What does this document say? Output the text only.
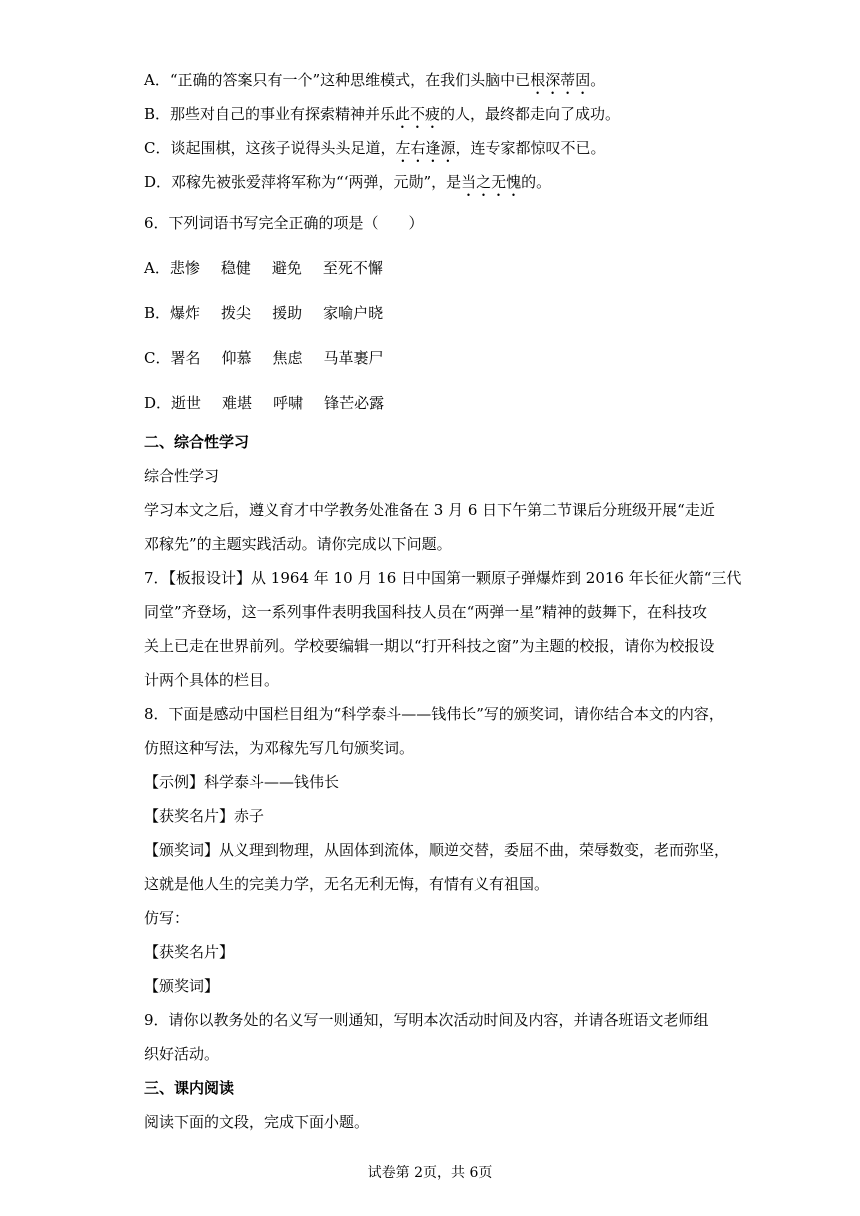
A．“正确的答案只有一个”这种思维模式，在我们头脑中已根深蒂固。
B．那些对自己的事业有探索精神并乐此不疲的人，最终都走向了成功。
C．谈起围棋，这孩子说得头头足道，左右逢源，连专家都惊叹不已。
D．邓稼先被张爱萍将军称为“‘两弹，元勋”，是当之无愧的。
6．下列词语书写完全正确的项是（　　）
A．悲惨 稳健 避免 至死不懈
B．爆炸 拨尖 援助 家喻户晓
C．署名 仰慕 焦虑 马革裹尸
D．逝世 难堪 呼啸 锋芒必露
二、综合性学习
综合性学习
学习本文之后，遵义育才中学教务处准备在 3 月 6 日下午第二节课后分班级开展“走近
邓稼先”的主题实践活动。请你完成以下问题。
7．【板报设计】从 1964 年 10 月 16 日中国第一颗原子弹爆炸到 2016 年长征火箭“三代
同堂”齐登场，这一系列事件表明我国科技人员在“两弹一星”精神的鼓舞下，在科技攻
关上已走在世界前列。学校要编辑一期以“打开科技之窗”为主题的校报，请你为校报设
计两个具体的栏目。
8．下面是感动中国栏目组为“科学泰斗——钱伟长”写的颁奖词，请你结合本文的内容，
仿照这种写法，为邓稼先写几句颁奖词。
【示例】科学泰斗——钱伟长
【获奖名片】赤子
【颁奖词】从义理到物理，从固体到流体，顺逆交替，委屈不曲，荣辱数变，老而弥坚，
这就是他人生的完美力学，无名无利无悔，有情有义有祖国。
仿写：
【获奖名片】
【颁奖词】
9．请你以教务处的名义写一则通知，写明本次活动时间及内容，并请各班语文老师组
织好活动。
三、课内阅读
阅读下面的文段，完成下面小题。
试卷第 2页，共 6页
